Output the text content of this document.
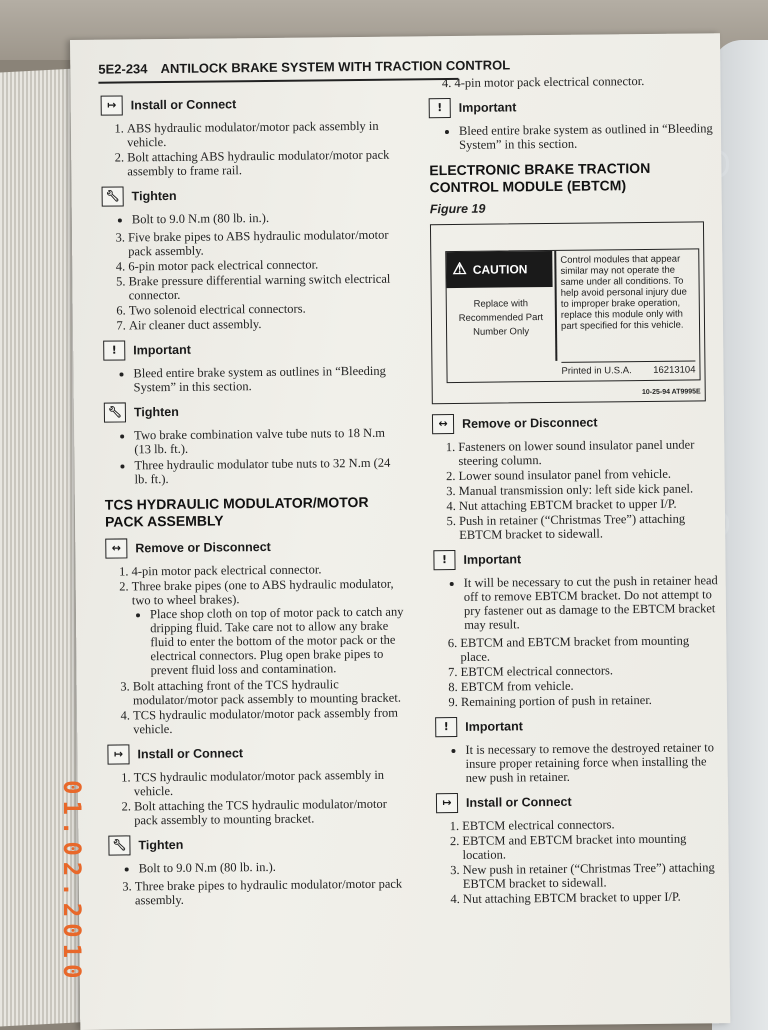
5E2-234 ANTILOCK BRAKE SYSTEM WITH TRACTION CONTROL
↦	Install or Connect
1. ABS hydraulic modulator/motor pack assembly in vehicle.
2. Bolt attaching ABS hydraulic modulator/motor pack assembly to frame rail.
🔧︎ Tighten
• Bolt to 9.0 N.m (80 lb. in.).
3. Five brake pipes to ABS hydraulic modulator/motor pack assembly.
4. 6-pin motor pack electrical connector.
5. Brake pressure differential warning switch electrical connector.
6. Two solenoid electrical connectors.
7. Air cleaner duct assembly.
!	Important
• Bleed entire brake system as outlines in “Bleeding System” in this section.
🔧︎ Tighten
• Two brake combination valve tube nuts to 18 N.m (13 lb. ft.).
• Three hydraulic modulator tube nuts to 32 N.m (24 lb. ft.).
TCS HYDRAULIC MODULATOR/MOTOR PACK ASSEMBLY
↔	Remove or Disconnect
1. 4-pin motor pack electrical connector.
2. Three brake pipes (one to ABS hydraulic modulator, two to wheel brakes).
• Place shop cloth on top of motor pack to catch any dripping fluid. Take care not to allow any brake fluid to enter the bottom of the motor pack or the electrical connectors. Plug open brake pipes to prevent fluid loss and contamination.
3. Bolt attaching front of the TCS hydraulic modulator/motor pack assembly to mounting bracket.
4. TCS hydraulic modulator/motor pack assembly from vehicle.
↦	Install or Connect
1. TCS hydraulic modulator/motor pack assembly in vehicle.
2. Bolt attaching the TCS hydraulic modulator/motor pack assembly to mounting bracket.
🔧︎ Tighten
• Bolt to 9.0 N.m (80 lb. in.).
3. Three brake pipes to hydraulic modulator/motor pack assembly.
4. 4-pin motor pack electrical connector.
!	Important
• Bleed entire brake system as outlined in “Bleeding System” in this section.
ELECTRONIC BRAKE TRACTION CONTROL MODULE (EBTCM)
Figure 19
⚠︎ CAUTION
Replace with Recommended Part Number Only
Control modules that appear similar may not operate the same under all conditions. To help avoid personal injury due to improper brake operation, replace this module only with part specified for this vehicle.
Printed in U.S.A. 16213104
10-25-94 AT9995E
↔	Remove or Disconnect
1. Fasteners on lower sound insulator panel under steering column.
2. Lower sound insulator panel from vehicle.
3. Manual transmission only: left side kick panel.
4. Nut attaching EBTCM bracket to upper I/P.
5. Push in retainer (“Christmas Tree”) attaching EBTCM bracket to sidewall.
!	Important
• It will be necessary to cut the push in retainer head off to remove EBTCM bracket. Do not attempt to pry fastener out as damage to the EBTCM bracket may result.
6. EBTCM and EBTCM bracket from mounting place.
7. EBTCM electrical connectors.
8. EBTCM from vehicle.
9. Remaining portion of push in retainer.
!	Important
• It is necessary to remove the destroyed retainer to insure proper retaining force when installing the new push in retainer.
↦	Install or Connect
1. EBTCM electrical connectors.
2. EBTCM and EBTCM bracket into mounting location.
3. New push in retainer (“Christmas Tree”) attaching EBTCM bracket to sidewall.
4. Nut attaching EBTCM bracket to upper I/P.
01.02.2010
